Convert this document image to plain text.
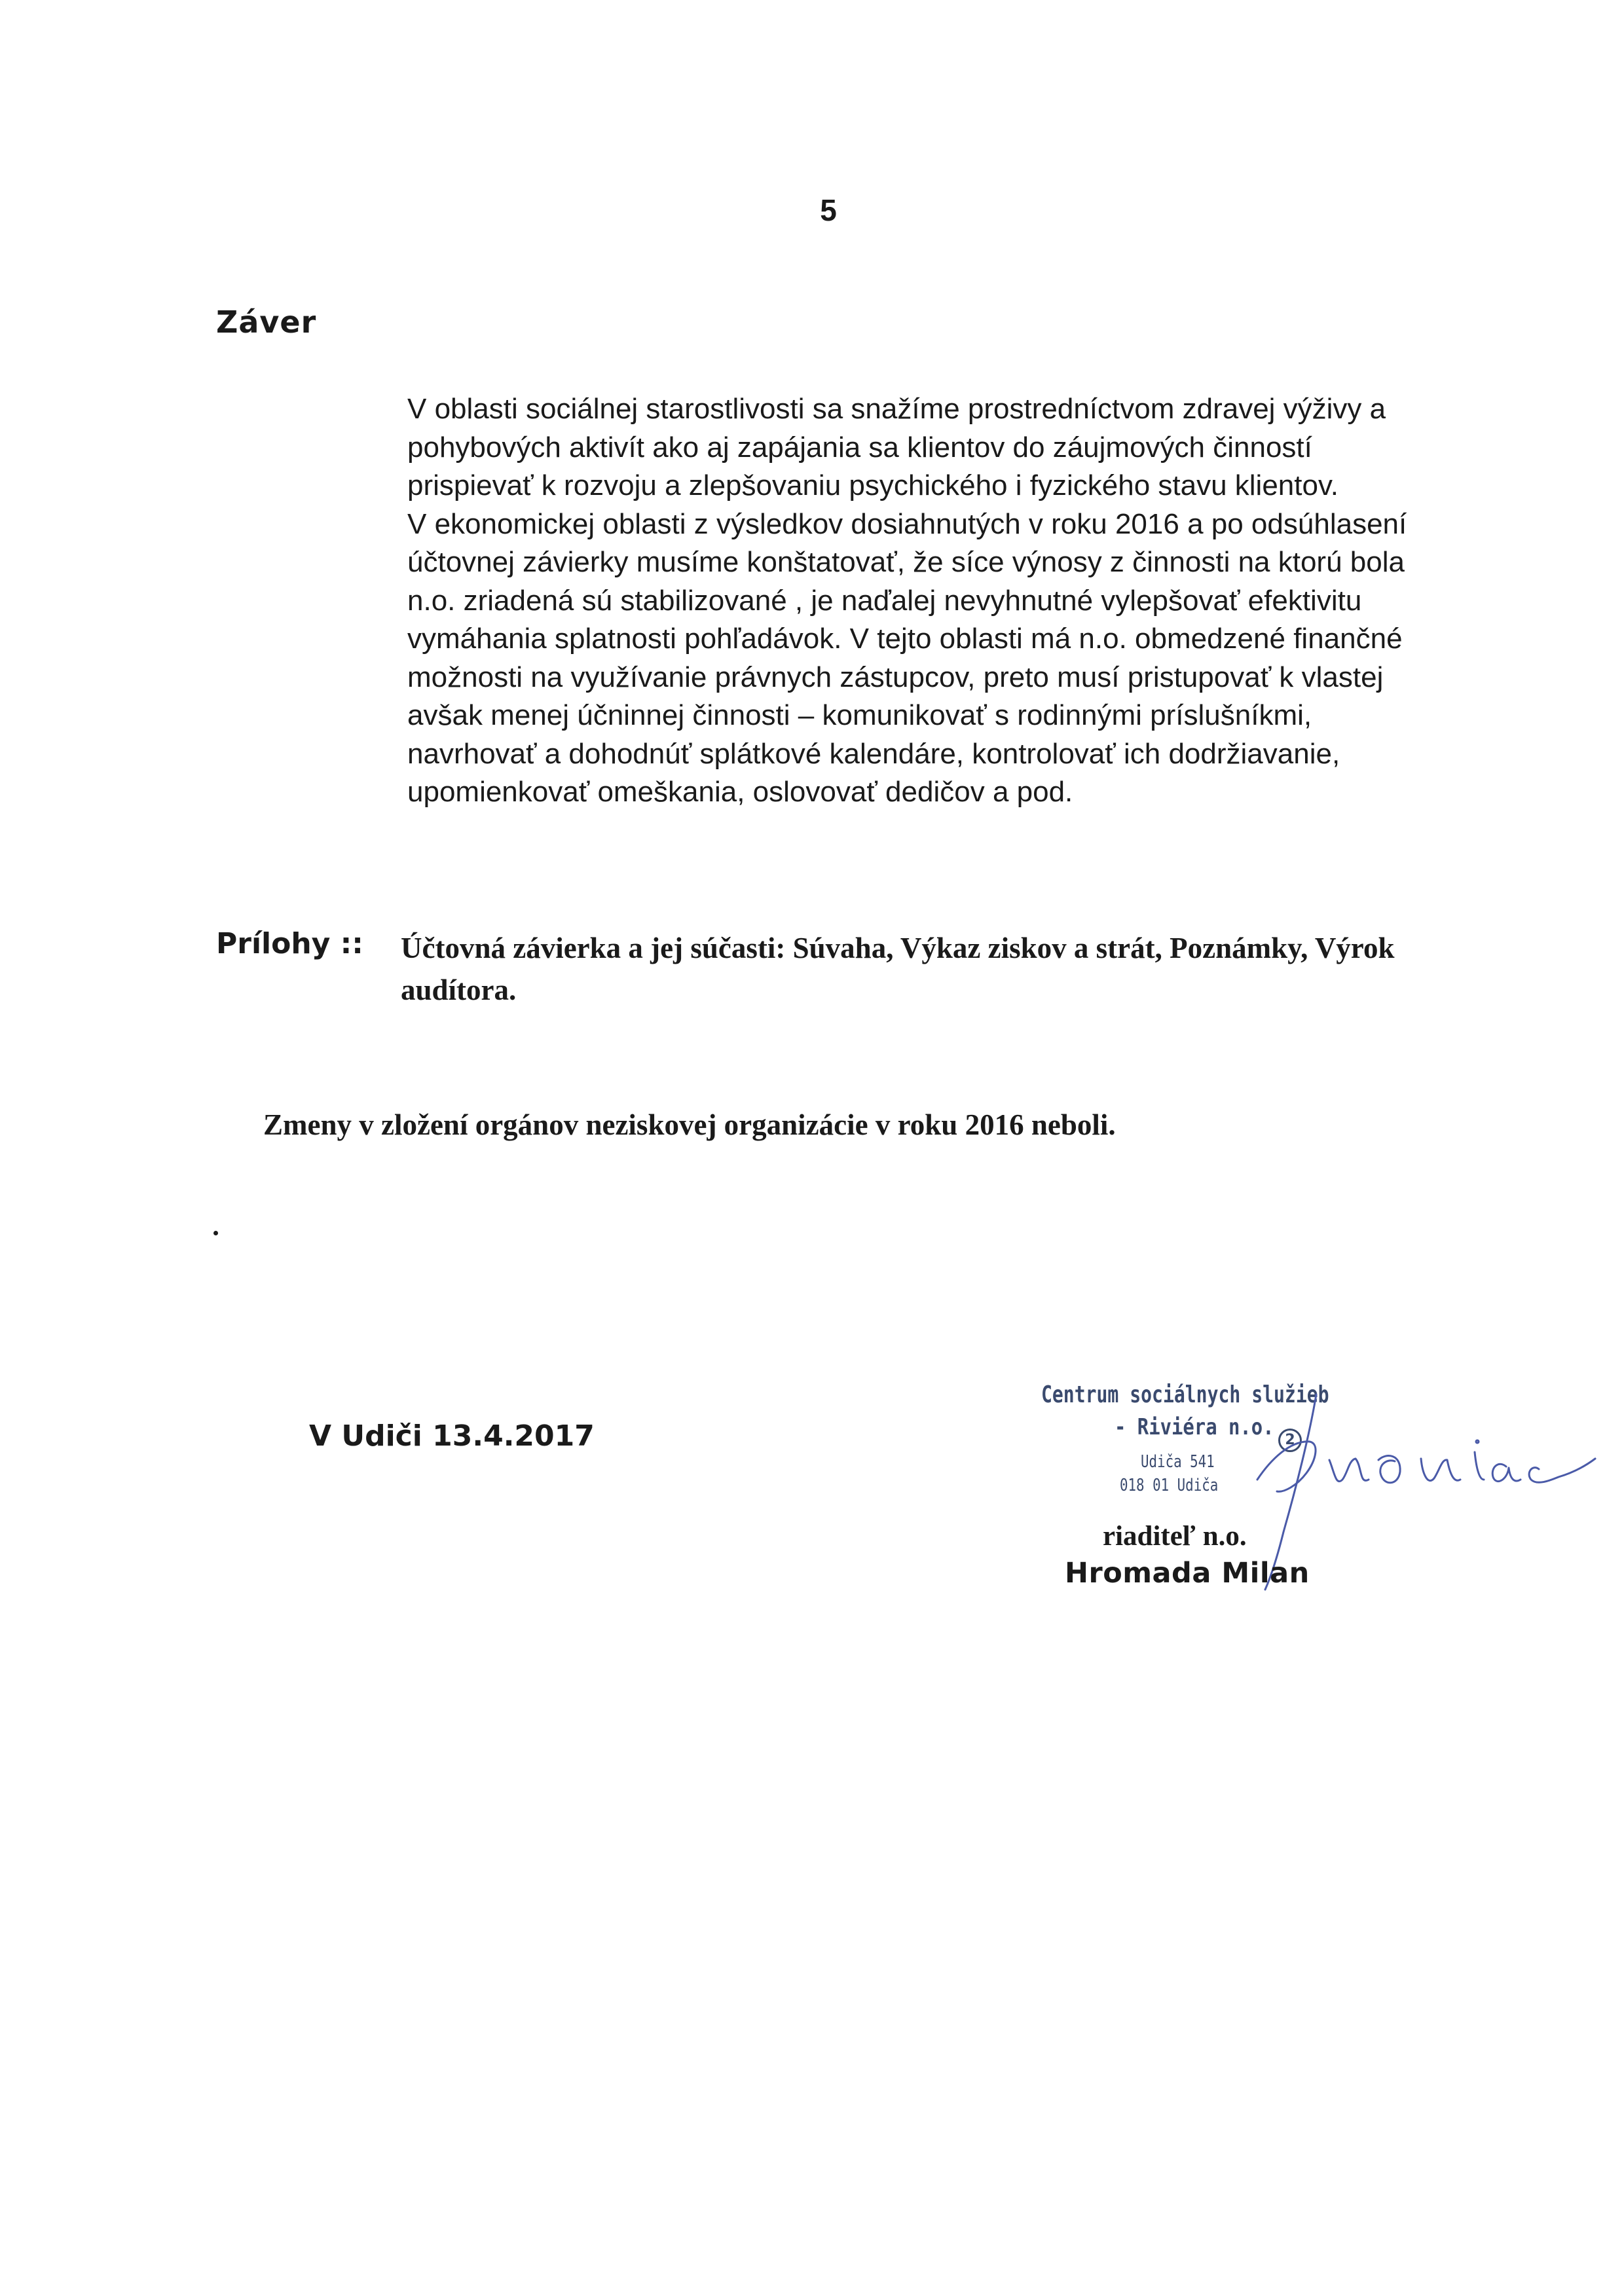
5
Záver
V oblasti sociálnej starostlivosti sa snažíme prostredníctvom zdravej výživy a
pohybových aktivít ako aj zapájania sa klientov do záujmových činností
prispievať k rozvoju a zlepšovaniu psychického i fyzického stavu klientov.
V ekonomickej oblasti z výsledkov dosiahnutých v roku 2016 a po odsúhlasení
účtovnej závierky musíme konštatovať, že síce výnosy z činnosti na ktorú bola
n.o. zriadená sú stabilizované , je naďalej nevyhnutné vylepšovať efektivitu
vymáhania splatnosti pohľadávok. V tejto oblasti má n.o. obmedzené finančné
možnosti na využívanie právnych zástupcov, preto musí pristupovať k vlastej
avšak menej účninnej činnosti – komunikovať s rodinnými príslušníkmi,
navrhovať a dohodnúť splátkové kalendáre, kontrolovať ich dodržiavanie,
upomienkovať omeškania, oslovovať dedičov a pod.
Prílohy :: Účtovná závierka a jej súčasti: Súvaha, Výkaz ziskov a strát, Poznámky, Výrok
audítora.
Zmeny v zložení orgánov neziskovej organizácie v roku 2016 neboli.
V Udiči 13.4.2017
Centrum sociálnych služieb
- Riviéra n.o. 2
Udiča 541
018 01 Udiča
riaditeľ n.o.
Hromada Milan
